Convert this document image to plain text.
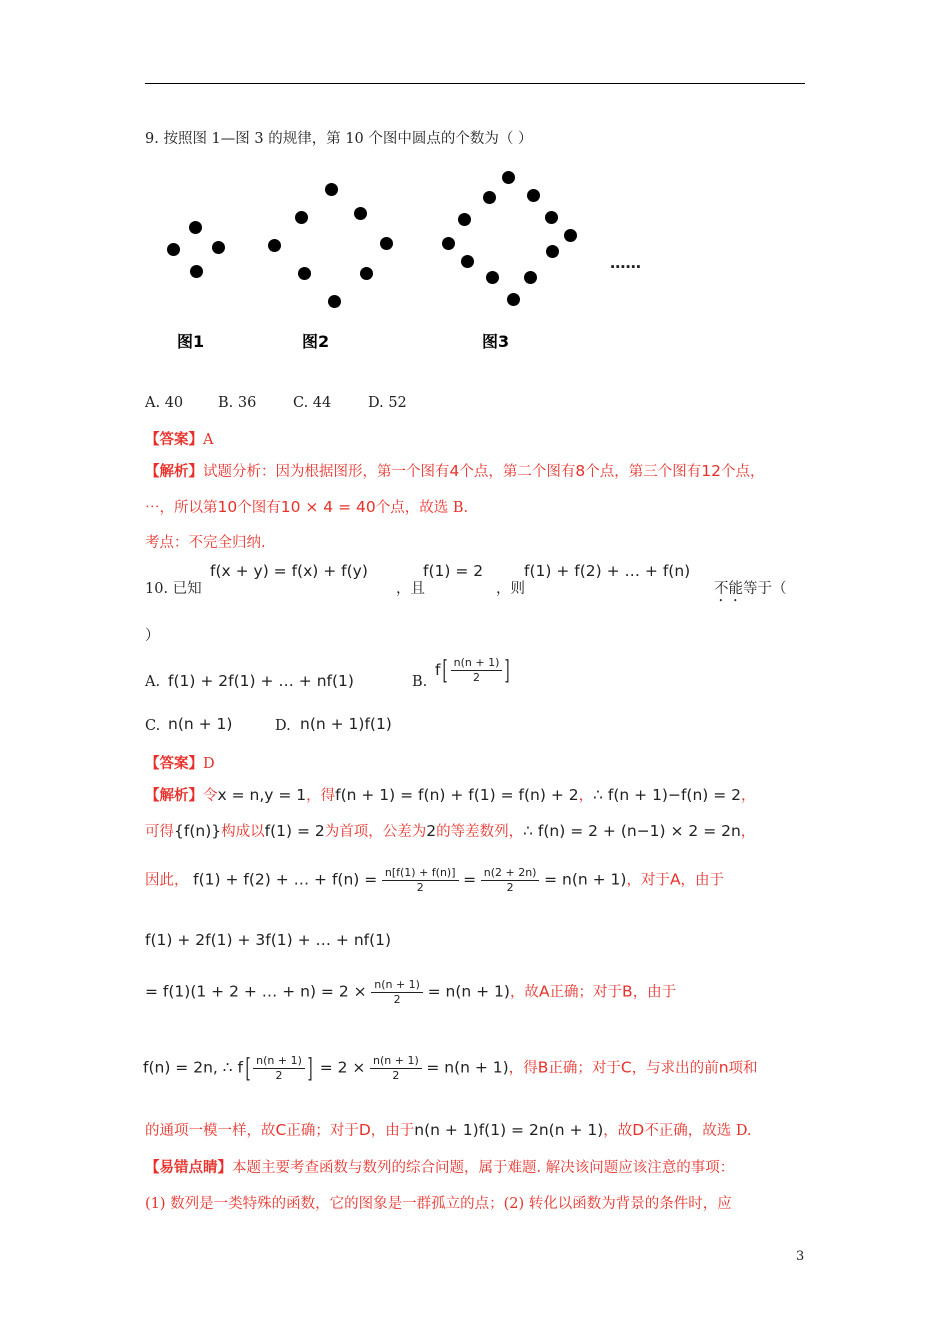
9. 按照图 1—图 3 的规律，第 10 个图中圆点的个数为（ ）
……
图1	图2	图3
A. 40 B. 36	C. 44	D. 52
【答案】A
【解析】试题分析：因为根据图形，第一个图有4个点，第二个图有8个点，第三个图有12个点，
⋯，所以第10个图有10 × 4 = 40个点，故选 B.
考点：不完全归纳.
10. 已知
f(x + y) = f(x) + f(y)
，且
f(1) = 2
，则
f(1) + f(2) + … + f(n)
不能等于（
）
A. f(1) + 2f(1) + … + nf(1)	B.
$f[ \frac{n(n + 1)}{2}$ ]
C. n(n + 1)	D. n(n + 1)f(1)
【答案】D
【解析】令x = n,y = 1，得f(n + 1) = f(n) + f(1) = f(n) + 2，∴ f(n + 1)−f(n) = 2，
可得{f(n)}构成以f(1) = 2为首项，公差为2的等差数列，∴ f(n) = 2 + (n−1) × 2 = 2n，
因此， f(1) + f(2) + … + $f(n) = \frac{n[f(1) + f(n)]}{2} = \frac{n(2 + 2n)}{2} = n(n + 1)$，对于A，由于
f(1) + 2f(1) + 3f(1) + … + nf(1)
= f(1)(1 + 2 + … + $n) = 2 \times \frac{n(n + 1)}{2} = n(n + 1)$，故A正确；对于B，由于
f(n) = 2n, ∴ $f[ \frac{n(n + 1)}{2}$ ] = $2 \times \frac{n(n + 1)}{2} = n(n + 1)$，得B正确；对于C，与求出的前n项和
的通项一模一样，故C正确；对于D，由于n(n + 1)f(1) = 2n(n + 1)，故D不正确，故选 D.
【易错点睛】本题主要考查函数与数列的综合问题，属于难题. 解决该问题应该注意的事项：
(1) 数列是一类特殊的函数，它的图象是一群孤立的点；(2) 转化以函数为背景的条件时，应
3
